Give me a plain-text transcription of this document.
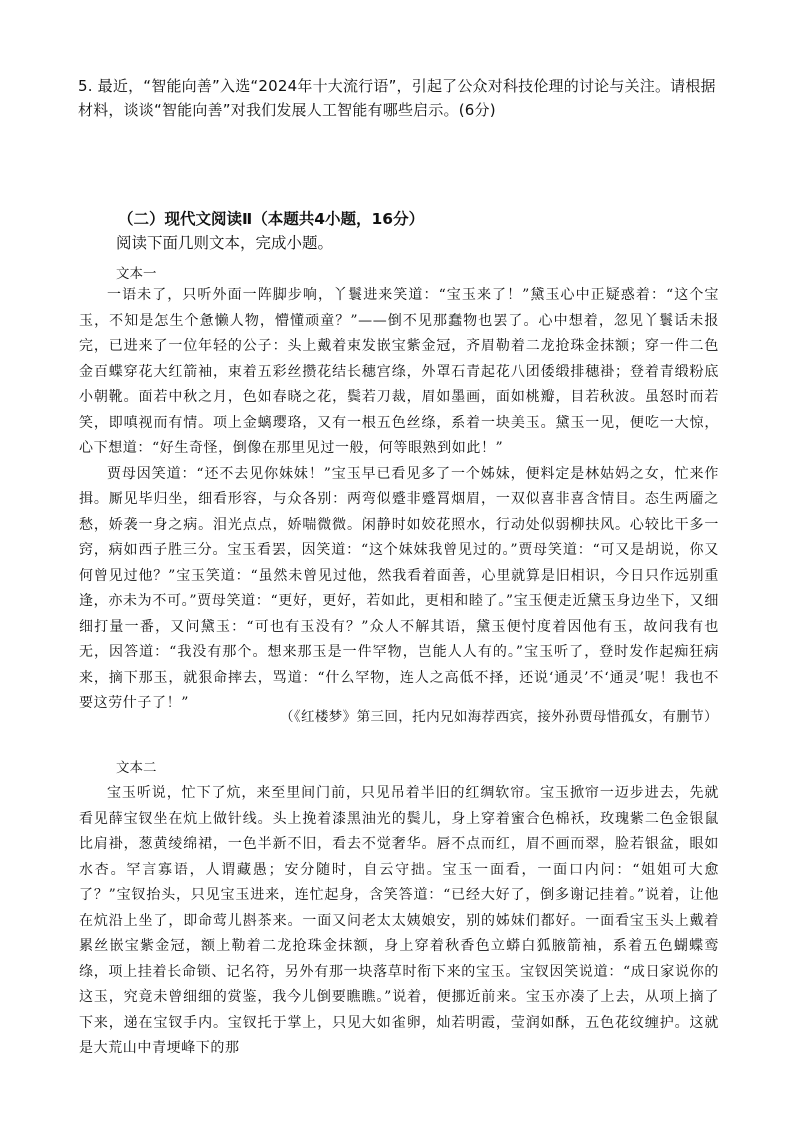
5. 最近，“智能向善”入选“2024年十大流行语”，引起了公众对科技伦理的讨论与关注。请根据材料，谈谈“智能向善”对我们发展人工智能有哪些启示。(6分)
（二）现代文阅读Ⅱ（本题共4小题，16分）
阅读下面几则文本，完成小题。
文本一

一语未了，只听外面一阵脚步响，丫鬟进来笑道：“宝玉来了！”黛玉心中正疑惑着：“这个宝玉，不知是怎生个惫懒人物，懵懂顽童？”——倒不见那蠢物也罢了。心中想着，忽见丫鬟话未报完，已进来了一位年轻的公子：头上戴着束发嵌宝紫金冠，齐眉勒着二龙抢珠金抹额；穿一件二色金百蝶穿花大红箭袖，束着五彩丝攒花结长穗宫绦，外罩石青起花八团倭缎排穗褂；登着青缎粉底小朝靴。面若中秋之月，色如春晓之花，鬓若刀裁，眉如墨画，面如桃瓣，目若秋波。虽怒时而若笑，即嗔视而有情。项上金螭璎珞，又有一根五色丝绦，系着一块美玉。黛玉一见，便吃一大惊，心下想道：“好生奇怪，倒像在那里见过一般，何等眼熟到如此！”

贾母因笑道：“还不去见你妹妹！”宝玉早已看见多了一个姊妹，便料定是林姑妈之女，忙来作揖。厮见毕归坐，细看形容，与众各别：两弯似蹙非蹙罥烟眉，一双似喜非喜含情目。态生两靥之愁，娇袭一身之病。泪光点点，娇喘微微。闲静时如姣花照水，行动处似弱柳扶风。心较比干多一窍，病如西子胜三分。宝玉看罢，因笑道：“这个妹妹我曾见过的。”贾母笑道：“可又是胡说，你又何曾见过他？”宝玉笑道：“虽然未曾见过他，然我看着面善，心里就算是旧相识，今日只作远别重逢，亦未为不可。”贾母笑道：“更好，更好，若如此，更相和睦了。”宝玉便走近黛玉身边坐下，又细细打量一番，又问黛玉：“可也有玉没有？”众人不解其语，黛玉便忖度着因他有玉，故问我有也无，因答道：“我没有那个。想来那玉是一件罕物，岂能人人有的。”宝玉听了，登时发作起痴狂病来，摘下那玉，就狠命摔去，骂道：“什么罕物，连人之高低不择，还说‘通灵’不‘通灵’呢！我也不要这劳什子了！”

（《红楼梦》第三回，托内兄如海荐西宾，接外孙贾母惜孤女，有删节）
文本二

宝玉听说，忙下了炕，来至里间门前，只见吊着半旧的红绸软帘。宝玉掀帘一迈步进去，先就看见薛宝钗坐在炕上做针线。头上挽着漆黑油光的鬓儿，身上穿着蜜合色棉袄，玫瑰紫二色金银鼠比肩褂，葱黄绫绵裙，一色半新不旧，看去不觉奢华。唇不点而红，眉不画而翠，脸若银盆，眼如水杏。罕言寡语，人谓藏愚；安分随时，自云守拙。宝玉一面看，一面口内问：“姐姐可大愈了？”宝钗抬头，只见宝玉进来，连忙起身，含笑答道：“已经大好了，倒多谢记挂着。”说着，让他在炕沿上坐了，即命莺儿斟茶来。一面又问老太太姨娘安，别的姊妹们都好。一面看宝玉头上戴着累丝嵌宝紫金冠，额上勒着二龙抢珠金抹额，身上穿着秋香色立蟒白狐腋箭袖，系着五色蝴蝶鸾绦，项上挂着长命锁、记名符，另外有那一块落草时衔下来的宝玉。宝钗因笑说道：“成日家说你的这玉，究竟未曾细细的赏鉴，我今儿倒要瞧瞧。”说着，便挪近前来。宝玉亦凑了上去，从项上摘了下来，递在宝钗手内。宝钗托于掌上，只见大如雀卵，灿若明霞，莹润如酥，五色花纹缠护。这就是大荒山中青埂峰下的那
